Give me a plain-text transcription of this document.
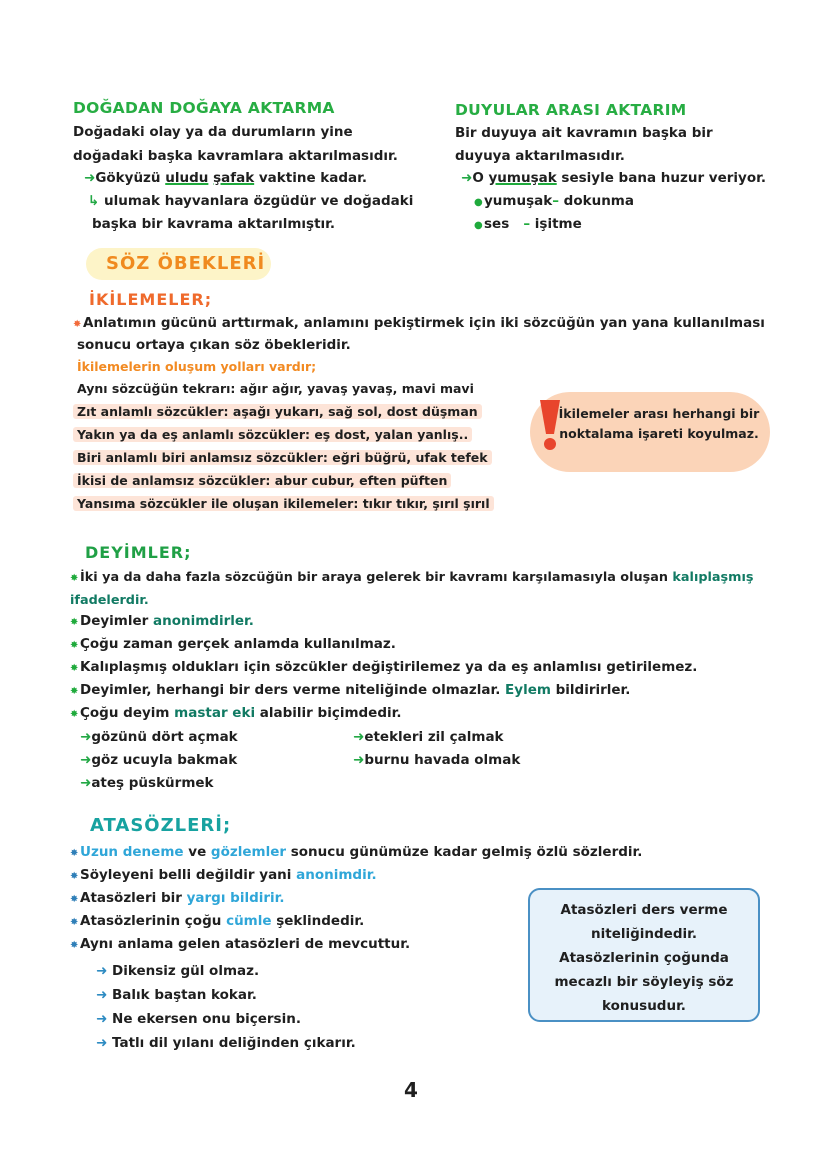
DOĞADAN DOĞAYA AKTARMA
Doğadaki olay ya da durumların yine
doğadaki başka kavramlara aktarılmasıdır.
➜Gökyüzü uludu şafak vaktine kadar.
↳ ulumak hayvanlara özgüdür ve doğadaki
başka bir kavrama aktarılmıştır.
DUYULAR ARASI AKTARIM
Bir duyuya ait kavramın başka bir
duyuya aktarılmasıdır.
➜O yumuşak sesiyle bana huzur veriyor.
●yumuşak– dokunma
●ses – işitme
SÖZ ÖBEKLERİ
İKİLEMELER;
✸ Anlatımın gücünü arttırmak, anlamını pekiştirmek için iki sözcüğün yan yana kullanılması
sonucu ortaya çıkan söz öbekleridir.
İkilemelerin oluşum yolları vardır;
Aynı sözcüğün tekrarı: ağır ağır, yavaş yavaş, mavi mavi
Zıt anlamlı sözcükler: aşağı yukarı, sağ sol, dost düşman
Yakın ya da eş anlamlı sözcükler: eş dost, yalan yanlış..
Biri anlamlı biri anlamsız sözcükler: eğri büğrü, ufak tefek
İkisi de anlamsız sözcükler: abur cubur, eften püften
Yansıma sözcükler ile oluşan ikilemeler: tıkır tıkır, şırıl şırıl
İkilemeler arası herhangi bir noktalama işareti koyulmaz.
DEYİMLER;
✸ İki ya da daha fazla sözcüğün bir araya gelerek bir kavramı karşılamasıyla oluşan kalıplaşmış
ifadelerdir.
✸ Deyimler anonimdirler.
✸ Çoğu zaman gerçek anlamda kullanılmaz.
✸ Kalıplaşmış oldukları için sözcükler değiştirilemez ya da eş anlamlısı getirilemez.
✸ Deyimler, herhangi bir ders verme niteliğinde olmazlar. Eylem bildirirler.
✸ Çoğu deyim mastar eki alabilir biçimdedir.
➜gözünü dört açmak
➜göz ucuyla bakmak
➜ateş püskürmek
➜etekleri zil çalmak
➜burnu havada olmak
ATASÖZLERİ;
✸ Uzun deneme ve gözlemler sonucu günümüze kadar gelmiş özlü sözlerdir.
✸ Söyleyeni belli değildir yani anonimdir.
✸ Atasözleri bir yargı bildirir.
✸ Atasözlerinin çoğu cümle şeklindedir.
✸ Aynı anlama gelen atasözleri de mevcuttur.
➜ Dikensiz gül olmaz.
➜ Balık baştan kokar.
➜ Ne ekersen onu biçersin.
➜ Tatlı dil yılanı deliğinden çıkarır.
Atasözleri ders verme niteliğindedir. Atasözlerinin çoğunda mecazlı bir söyleyiş söz konusudur.
4
